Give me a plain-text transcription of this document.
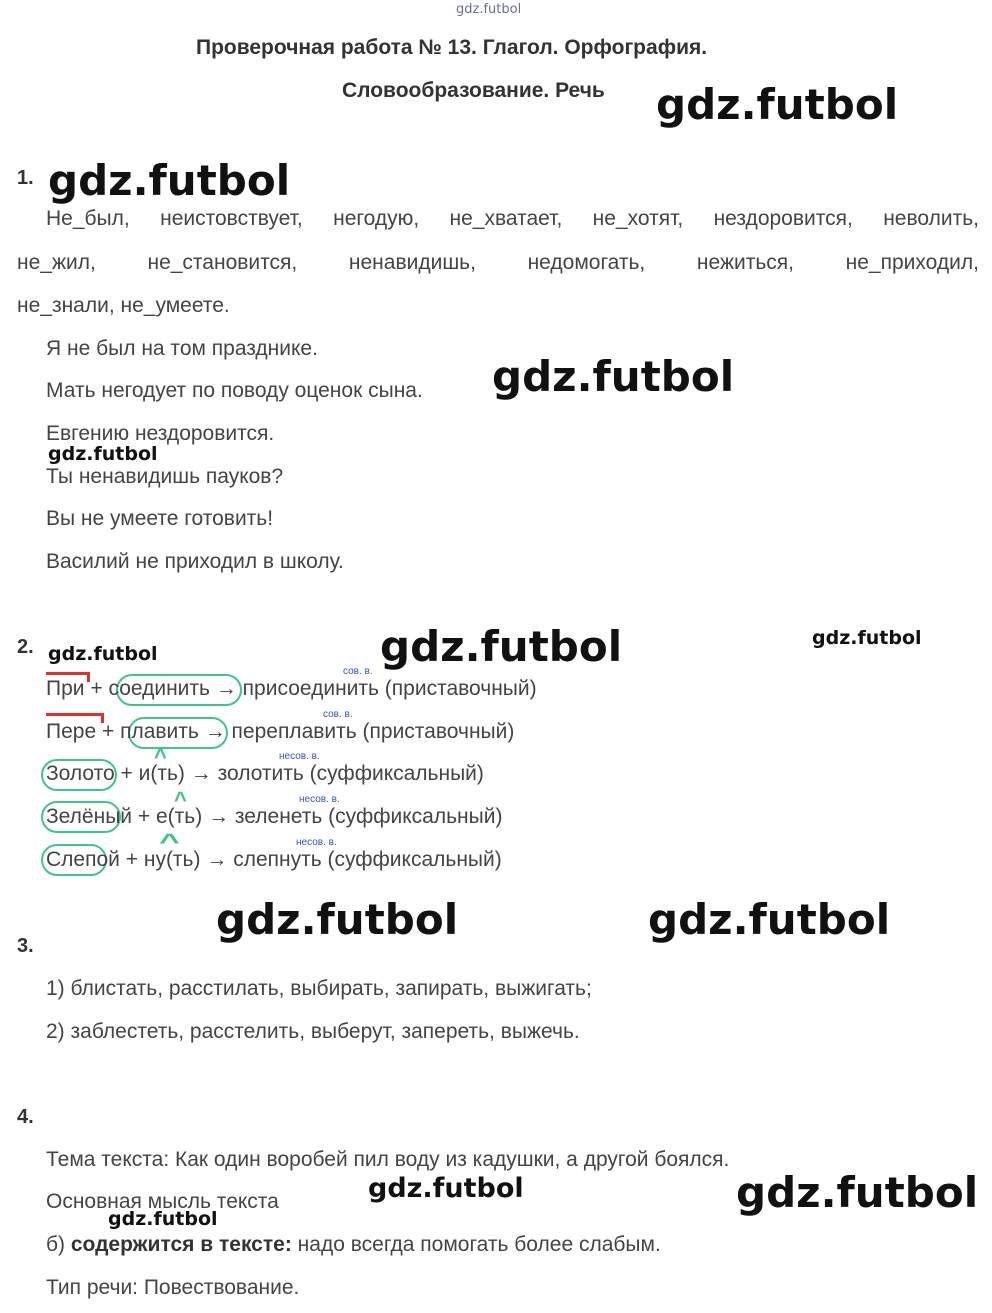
gdz.futbol
Проверочная работа № 13. Глагол. Орфография.
Словообразование. Речь gdz.futbol
gdz.futbol
gdz.futbol
gdz.futbol
gdz.futbol	gdz.futbol
gdz.futbol
gdz.futbol
gdz.futbol
gdz.futbol
gdz.futbol
gdz.futbol
1.
Не_был, неистовствует, негодую, не_хватает, не_хотят, нездоровится, неволить,
не_жил, не_становится, ненавидишь, недомогать, нежиться, не_приходил,
не_знали, не_умеете.
Я не был на том празднике.
Мать негодует по поводу оценок сына.
Евгению нездоровится.
Ты ненавидишь пауков?
Вы не умеете готовить!
Василий не приходил в школу.
2.
сов. в.
При + соединить → присоединить (приставочный)
сов. в.
Пере + плавить → переплавить (приставочный)
^	несов. в.
Золото + и(ть) → золотить (суффиксальный)
^	несов. в.
Зелёный + е(ть) → зеленеть (суффиксальный)
^	несов. в.
Слепой + ну(ть) → слепнуть (суффиксальный)
3.
1) блистать, расстилать, выбирать, запирать, выжигать;
2) заблестеть, расстелить, выберут, запереть, выжечь.
4.
Тема текста: Как один воробей пил воду из кадушки, а другой боялся.
Основная мысль текста
б) содержится в тексте: надо всегда помогать более слабым.
Тип речи: Повествование.
